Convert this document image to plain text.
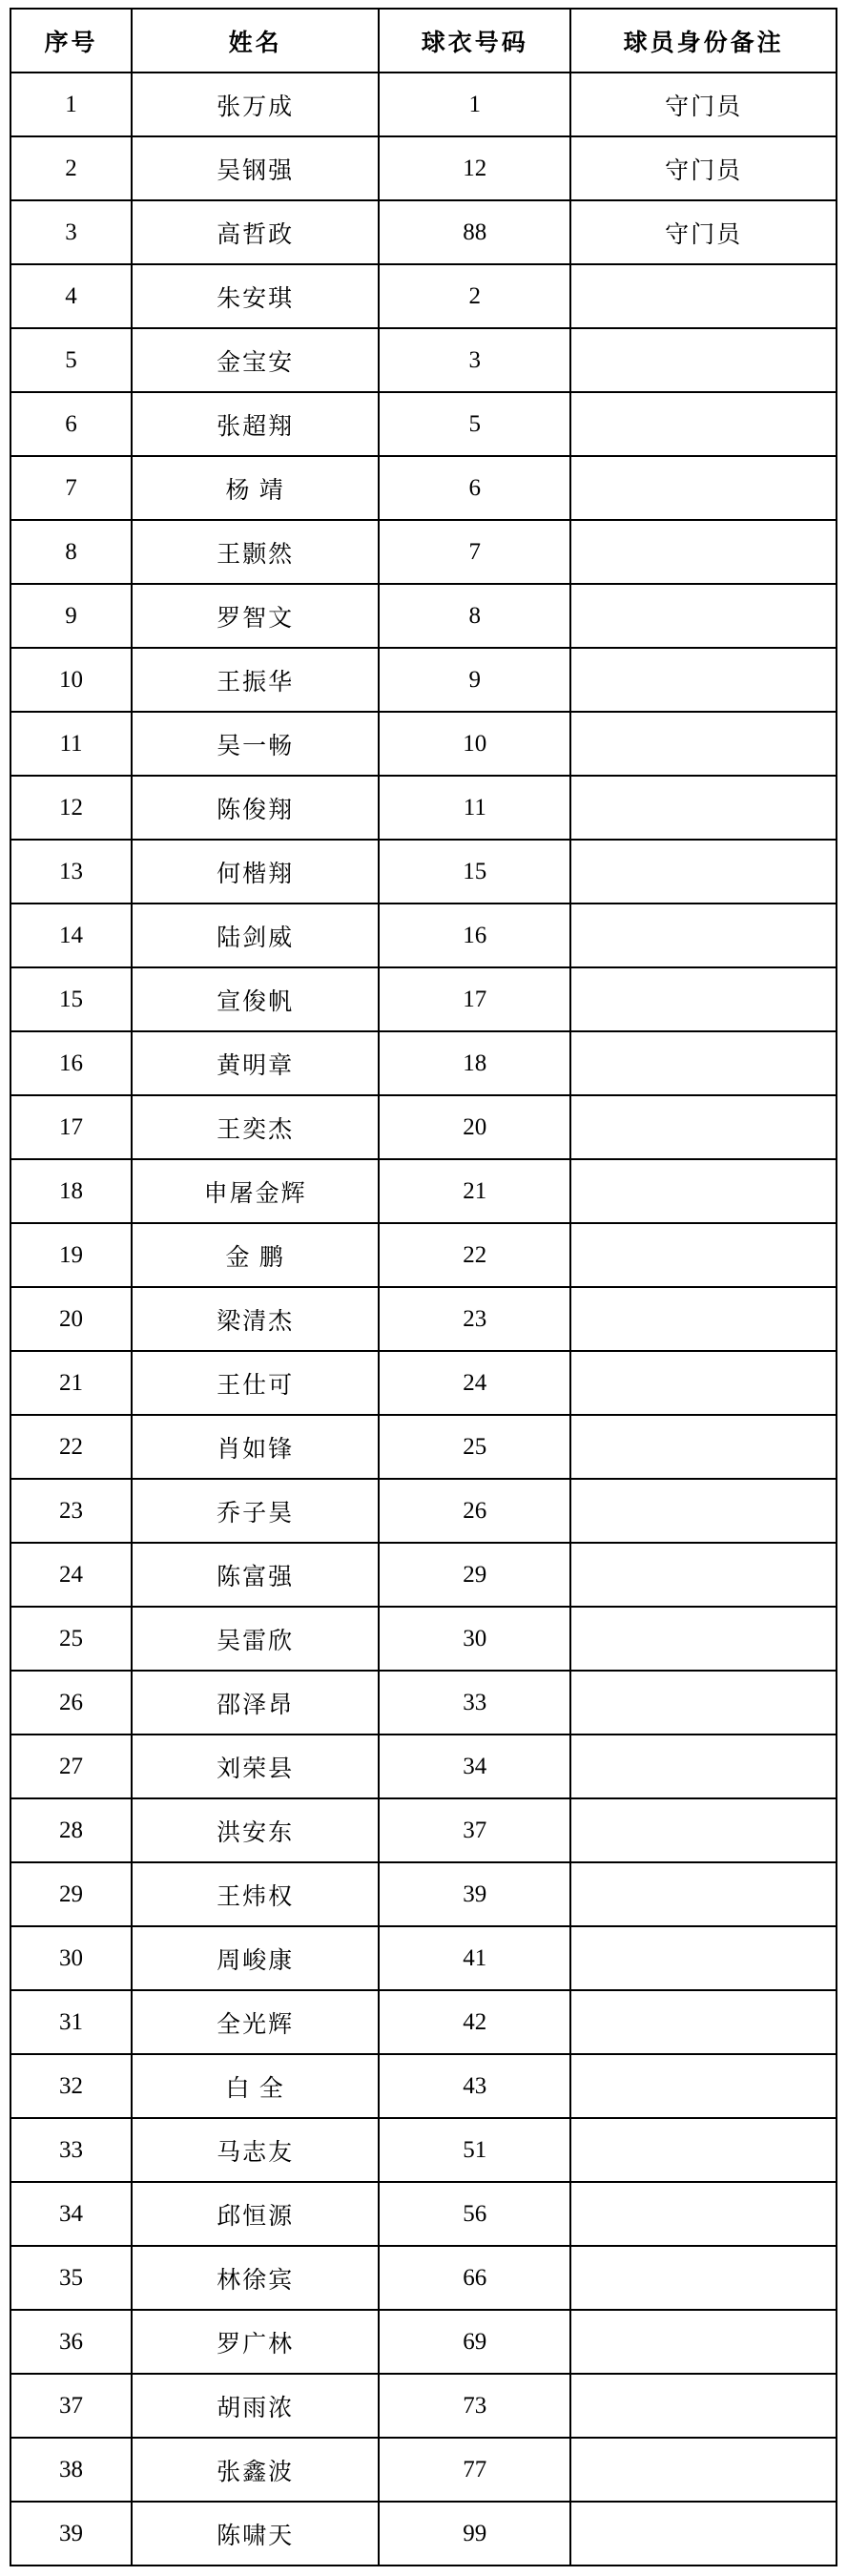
序号	姓名	球衣号码	球员身份备注
1	张万成	1	守门员
2	吴钢强	12	守门员
3	高哲政	88	守门员
4	朱安琪	2	
5	金宝安	3	
6	张超翔	5	
7	杨 靖	6	
8	王颢然	7	
9	罗智文	8	
10	王振华	9	
11	吴一畅	10	
12	陈俊翔	11	
13	何楷翔	15	
14	陆剑威	16	
15	宣俊帆	17	
16	黄明章	18	
17	王奕杰	20	
18	申屠金辉	21	
19	金 鹏	22	
20	梁清杰	23	
21	王仕可	24	
22	肖如锋	25	
23	乔子昊	26	
24	陈富强	29	
25	吴雷欣	30	
26	邵泽昂	33	
27	刘荣县	34	
28	洪安东	37	
29	王炜权	39	
30	周峻康	41	
31	全光辉	42	
32	白 全	43	
33	马志友	51	
34	邱恒源	56	
35	林徐宾	66	
36	罗广林	69	
37	胡雨浓	73	
38	张鑫波	77	
39	陈啸天	99	
